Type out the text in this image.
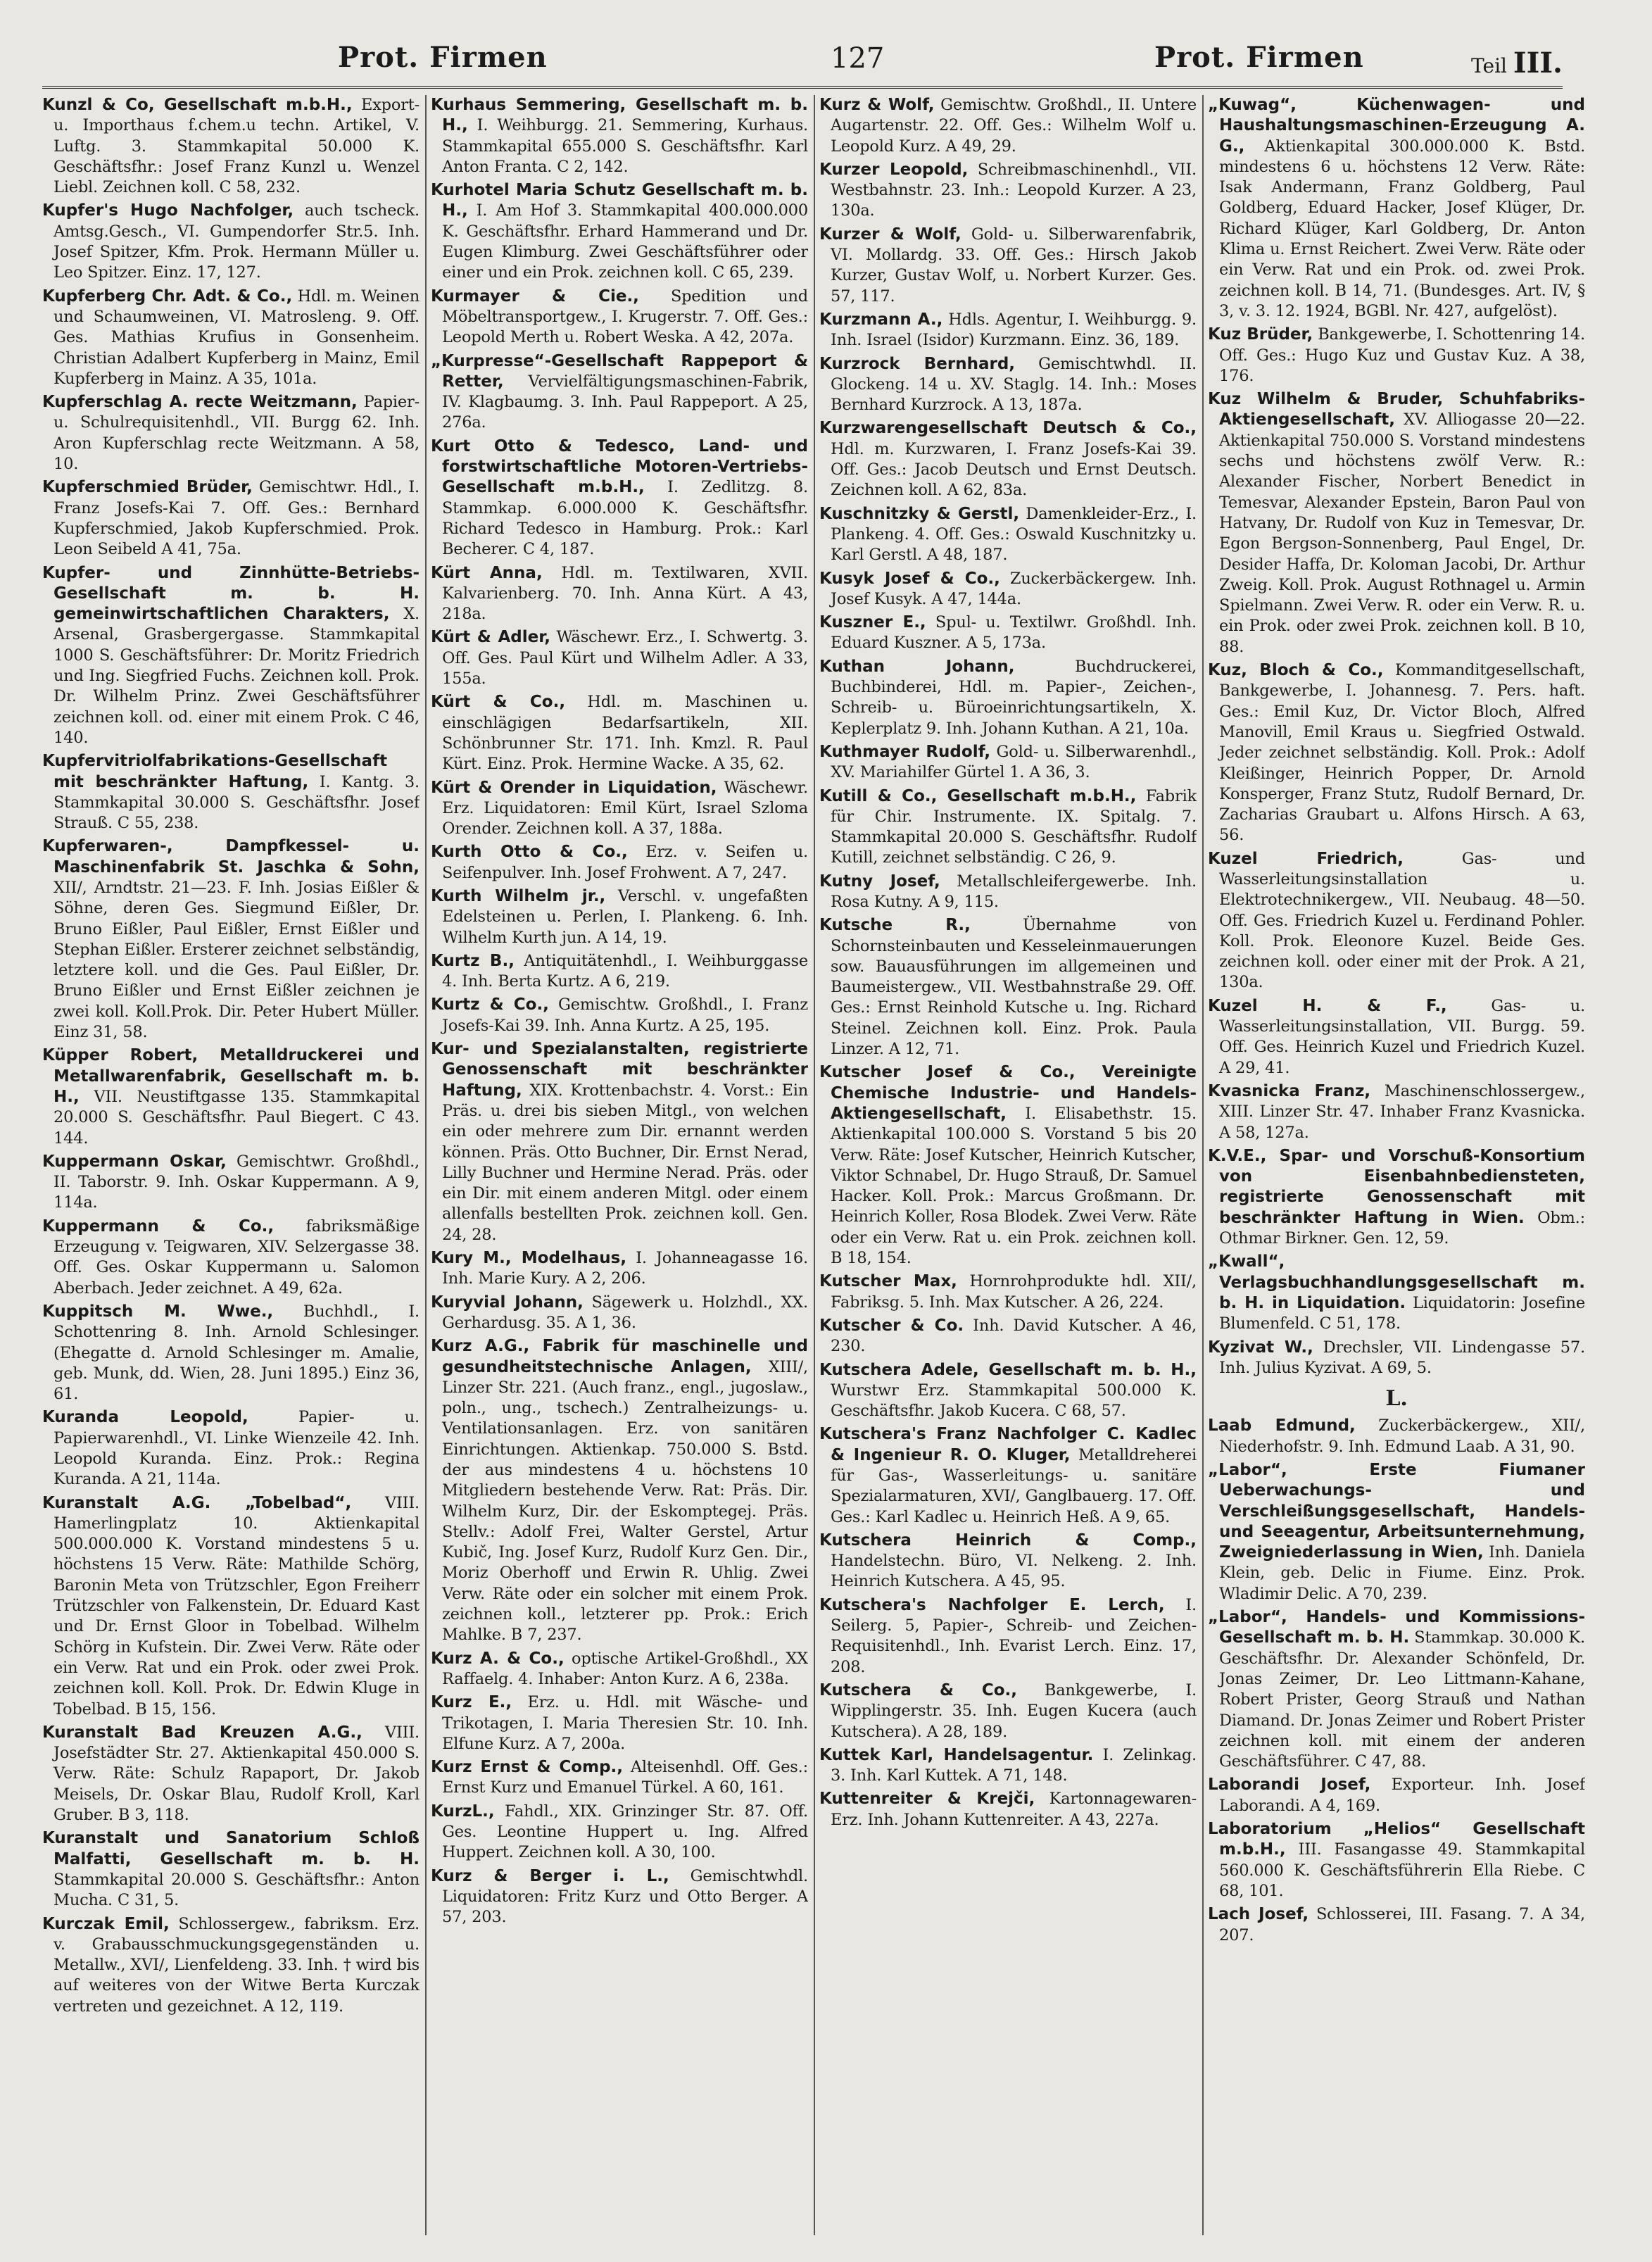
Prot. Firmen	127	Prot. Firmen	Teil III.

Kunzl & Co, Gesellschaft m.b.H., Export- u. Importhaus f.chem.u techn. Artikel, V. Luftg. 3. Stammkapital 50.000 K. Geschäftsfhr.: Josef Franz Kunzl u. Wenzel Liebl. Zeichnen koll. C 58, 232.

Kupfer's Hugo Nachfolger, auch tscheck. Amtsg.Gesch., VI. Gumpendorfer Str.5. Inh. Josef Spitzer, Kfm. Prok. Hermann Müller u. Leo Spitzer. Einz. 17, 127.

Kupferberg Chr. Adt. & Co., Hdl. m. Weinen und Schaumweinen, VI. Matrosleng. 9. Off. Ges. Mathias Krufius in Gonsenheim. Christian Adalbert Kupferberg in Mainz, Emil Kupferberg in Mainz. A 35, 101a.

Kupferschlag A. recte Weitzmann, Papier- u. Schulrequisitenhdl., VII. Burgg 62. Inh. Aron Kupferschlag recte Weitzmann. A 58, 10.

Kupferschmied Brüder, Gemischtwr. Hdl., I. Franz Josefs-Kai 7. Off. Ges.: Bernhard Kupferschmied, Jakob Kupferschmied. Prok. Leon Seibeld A 41, 75a.

Kupfer- und Zinnhütte-Betriebs-Gesellschaft m. b. H. gemeinwirtschaftlichen Charakters, X. Arsenal, Grasbergergasse. Stammkapital 1000 S. Geschäftsführer: Dr. Moritz Friedrich und Ing. Siegfried Fuchs. Zeichnen koll. Prok. Dr. Wilhelm Prinz. Zwei Geschäftsführer zeichnen koll. od. einer mit einem Prok. C 46, 140.

Kupfervitriolfabrikations-Gesellschaft mit beschränkter Haftung, I. Kantg. 3. Stammkapital 30.000 S. Geschäftsfhr. Josef Strauß. C 55, 238.

Kupferwaren-, Dampfkessel- u. Maschinenfabrik St. Jaschka & Sohn, XII/, Arndtstr. 21—23. F. Inh. Josias Eißler & Söhne, deren Ges. Siegmund Eißler, Dr. Bruno Eißler, Paul Eißler, Ernst Eißler und Stephan Eißler. Ersterer zeichnet selbständig, letztere koll. und die Ges. Paul Eißler, Dr. Bruno Eißler und Ernst Eißler zeichnen je zwei koll. Koll.Prok. Dir. Peter Hubert Müller. Einz 31, 58.

Küpper Robert, Metalldruckerei und Metallwarenfabrik, Gesellschaft m. b. H., VII. Neustiftgasse 135. Stammkapital 20.000 S. Geschäftsfhr. Paul Biegert. C 43. 144.

Kuppermann Oskar, Gemischtwr. Großhdl., II. Taborstr. 9. Inh. Oskar Kuppermann. A 9, 114a.

Kuppermann & Co., fabriksmäßige Erzeugung v. Teigwaren, XIV. Selzergasse 38. Off. Ges. Oskar Kuppermann u. Salomon Aberbach. Jeder zeichnet. A 49, 62a.

Kuppitsch M. Wwe., Buchhdl., I. Schottenring 8. Inh. Arnold Schlesinger. (Ehegatte d. Arnold Schlesinger m. Amalie, geb. Munk, dd. Wien, 28. Juni 1895.) Einz 36, 61.

Kuranda Leopold, Papier- u. Papierwarenhdl., VI. Linke Wienzeile 42. Inh. Leopold Kuranda. Einz. Prok.: Regina Kuranda. A 21, 114a.

Kuranstalt A.G. „Tobelbad“, VIII. Hamerlingplatz 10. Aktienkapital 500.000.000 K. Vorstand mindestens 5 u. höchstens 15 Verw. Räte: Mathilde Schörg, Baronin Meta von Trützschler, Egon Freiherr Trützschler von Falkenstein, Dr. Eduard Kast und Dr. Ernst Gloor in Tobelbad. Wilhelm Schörg in Kufstein. Dir. Zwei Verw. Räte oder ein Verw. Rat und ein Prok. oder zwei Prok. zeichnen koll. Koll. Prok. Dr. Edwin Kluge in Tobelbad. B 15, 156.

Kuranstalt Bad Kreuzen A.G., VIII. Josefstädter Str. 27. Aktienkapital 450.000 S. Verw. Räte: Schulz Rapaport, Dr. Jakob Meisels, Dr. Oskar Blau, Rudolf Kroll, Karl Gruber. B 3, 118.

Kuranstalt und Sanatorium Schloß Malfatti, Gesellschaft m. b. H. Stammkapital 20.000 S. Geschäftsfhr.: Anton Mucha. C 31, 5.

Kurczak Emil, Schlossergew., fabriksm. Erz. v. Grabausschmuckungsgegenständen u. Metallw., XVI/, Lienfeldeng. 33. Inh. † wird bis auf weiteres von der Witwe Berta Kurczak vertreten und gezeichnet. A 12, 119.

Kurhaus Semmering, Gesellschaft m. b. H., I. Weihburgg. 21. Semmering, Kurhaus. Stammkapital 655.000 S. Geschäftsfhr. Karl Anton Franta. C 2, 142.

Kurhotel Maria Schutz Gesellschaft m. b. H., I. Am Hof 3. Stammkapital 400.000.000 K. Geschäftsfhr. Erhard Hammerand und Dr. Eugen Klimburg. Zwei Geschäftsführer oder einer und ein Prok. zeichnen koll. C 65, 239.

Kurmayer & Cie., Spedition und Möbeltransportgew., I. Krugerstr. 7. Off. Ges.: Leopold Merth u. Robert Weska. A 42, 207a.

„Kurpresse“-Gesellschaft Rappeport & Retter, Vervielfältigungsmaschinen-Fabrik, IV. Klagbaumg. 3. Inh. Paul Rappeport. A 25, 276a.

Kurt Otto & Tedesco, Land- und forstwirtschaftliche Motoren-Vertriebs-Gesellschaft m.b.H., I. Zedlitzg. 8. Stammkap. 6.000.000 K. Geschäftsfhr. Richard Tedesco in Hamburg. Prok.: Karl Becherer. C 4, 187.

Kürt Anna, Hdl. m. Textilwaren, XVII. Kalvarienberg. 70. Inh. Anna Kürt. A 43, 218a.

Kürt & Adler, Wäschewr. Erz., I. Schwertg. 3. Off. Ges. Paul Kürt und Wilhelm Adler. A 33, 155a.

Kürt & Co., Hdl. m. Maschinen u. einschlägigen Bedarfsartikeln, XII. Schönbrunner Str. 171. Inh. Kmzl. R. Paul Kürt. Einz. Prok. Hermine Wacke. A 35, 62.

Kürt & Orender in Liquidation, Wäschewr. Erz. Liquidatoren: Emil Kürt, Israel Szloma Orender. Zeichnen koll. A 37, 188a.

Kurth Otto & Co., Erz. v. Seifen u. Seifenpulver. Inh. Josef Frohwent. A 7, 247.

Kurth Wilhelm jr., Verschl. v. ungefaßten Edelsteinen u. Perlen, I. Plankeng. 6. Inh. Wilhelm Kurth jun. A 14, 19.

Kurtz B., Antiquitätenhdl., I. Weihburggasse 4. Inh. Berta Kurtz. A 6, 219.

Kurtz & Co., Gemischtw. Großhdl., I. Franz Josefs-Kai 39. Inh. Anna Kurtz. A 25, 195.

Kur- und Spezialanstalten, registrierte Genossenschaft mit beschränkter Haftung, XIX. Krottenbachstr. 4. Vorst.: Ein Präs. u. drei bis sieben Mitgl., von welchen ein oder mehrere zum Dir. ernannt werden können. Präs. Otto Buchner, Dir. Ernst Nerad, Lilly Buchner und Hermine Nerad. Präs. oder ein Dir. mit einem anderen Mitgl. oder einem allenfalls bestellten Prok. zeichnen koll. Gen. 24, 28.

Kury M., Modelhaus, I. Johanneagasse 16. Inh. Marie Kury. A 2, 206.

Kuryvial Johann, Sägewerk u. Holzhdl., XX. Gerhardusg. 35. A 1, 36.

Kurz A.G., Fabrik für maschinelle und gesundheitstechnische Anlagen, XIII/, Linzer Str. 221. (Auch franz., engl., jugoslaw., poln., ung., tschech.) Zentralheizungs- u. Ventilationsanlagen. Erz. von sanitären Einrichtungen. Aktienkap. 750.000 S. Bstd. der aus mindestens 4 u. höchstens 10 Mitgliedern bestehende Verw. Rat: Präs. Dir. Wilhelm Kurz, Dir. der Eskomptegej. Präs. Stellv.: Adolf Frei, Walter Gerstel, Artur Kubič, Ing. Josef Kurz, Rudolf Kurz Gen. Dir., Moriz Oberhoff und Erwin R. Uhlig. Zwei Verw. Räte oder ein solcher mit einem Prok. zeichnen koll., letzterer pp. Prok.: Erich Mahlke. B 7, 237.

Kurz A. & Co., optische Artikel-Großhdl., XX Raffaelg. 4. Inhaber: Anton Kurz. A 6, 238a.

Kurz E., Erz. u. Hdl. mit Wäsche- und Trikotagen, I. Maria Theresien Str. 10. Inh. Elfune Kurz. A 7, 200a.

Kurz Ernst & Comp., Alteisenhdl. Off. Ges.: Ernst Kurz und Emanuel Türkel. A 60, 161.

KurzL., Fahdl., XIX. Grinzinger Str. 87. Off. Ges. Leontine Huppert u. Ing. Alfred Huppert. Zeichnen koll. A 30, 100.

Kurz & Berger i. L., Gemischtwhdl. Liquidatoren: Fritz Kurz und Otto Berger. A 57, 203.

Kurz & Wolf, Gemischtw. Großhdl., II. Untere Augartenstr. 22. Off. Ges.: Wilhelm Wolf u. Leopold Kurz. A 49, 29.

Kurzer Leopold, Schreibmaschinenhdl., VII. Westbahnstr. 23. Inh.: Leopold Kurzer. A 23, 130a.

Kurzer & Wolf, Gold- u. Silberwarenfabrik, VI. Mollardg. 33. Off. Ges.: Hirsch Jakob Kurzer, Gustav Wolf, u. Norbert Kurzer. Ges. 57, 117.

Kurzmann A., Hdls. Agentur, I. Weihburgg. 9. Inh. Israel (Isidor) Kurzmann. Einz. 36, 189.

Kurzrock Bernhard, Gemischtwhdl. II. Glockeng. 14 u. XV. Staglg. 14. Inh.: Moses Bernhard Kurzrock. A 13, 187a.

Kurzwarengesellschaft Deutsch & Co., Hdl. m. Kurzwaren, I. Franz Josefs-Kai 39. Off. Ges.: Jacob Deutsch und Ernst Deutsch. Zeichnen koll. A 62, 83a.

Kuschnitzky & Gerstl, Damenkleider-Erz., I. Plankeng. 4. Off. Ges.: Oswald Kuschnitzky u. Karl Gerstl. A 48, 187.

Kusyk Josef & Co., Zuckerbäckergew. Inh. Josef Kusyk. A 47, 144a.

Kuszner E., Spul- u. Textilwr. Großhdl. Inh. Eduard Kuszner. A 5, 173a.

Kuthan Johann, Buchdruckerei, Buchbinderei, Hdl. m. Papier-, Zeichen-, Schreib- u. Büroeinrichtungsartikeln, X. Keplerplatz 9. Inh. Johann Kuthan. A 21, 10a.

Kuthmayer Rudolf, Gold- u. Silberwarenhdl., XV. Mariahilfer Gürtel 1. A 36, 3.

Kutill & Co., Gesellschaft m.b.H., Fabrik für Chir. Instrumente. IX. Spitalg. 7. Stammkapital 20.000 S. Geschäftsfhr. Rudolf Kutill, zeichnet selbständig. C 26, 9.

Kutny Josef, Metallschleifergewerbe. Inh. Rosa Kutny. A 9, 115.

Kutsche R., Übernahme von Schornsteinbauten und Kesseleinmauerungen sow. Bauausführungen im allgemeinen und Baumeistergew., VII. Westbahnstraße 29. Off. Ges.: Ernst Reinhold Kutsche u. Ing. Richard Steinel. Zeichnen koll. Einz. Prok. Paula Linzer. A 12, 71.

Kutscher Josef & Co., Vereinigte Chemische Industrie- und Handels-Aktiengesellschaft, I. Elisabethstr. 15. Aktienkapital 100.000 S. Vorstand 5 bis 20 Verw. Räte: Josef Kutscher, Heinrich Kutscher, Viktor Schnabel, Dr. Hugo Strauß, Dr. Samuel Hacker. Koll. Prok.: Marcus Großmann. Dr. Heinrich Koller, Rosa Blodek. Zwei Verw. Räte oder ein Verw. Rat u. ein Prok. zeichnen koll. B 18, 154.

Kutscher Max, Hornrohprodukte hdl. XII/, Fabriksg. 5. Inh. Max Kutscher. A 26, 224.

Kutscher & Co. Inh. David Kutscher. A 46, 230.

Kutschera Adele, Gesellschaft m. b. H., Wurstwr Erz. Stammkapital 500.000 K. Geschäftsfhr. Jakob Kucera. C 68, 57.

Kutschera's Franz Nachfolger C. Kadlec & Ingenieur R. O. Kluger, Metalldreherei für Gas-, Wasserleitungs- u. sanitäre Spezialarmaturen, XVI/, Ganglbauerg. 17. Off. Ges.: Karl Kadlec u. Heinrich Heß. A 9, 65.

Kutschera Heinrich & Comp., Handelstechn. Büro, VI. Nelkeng. 2. Inh. Heinrich Kutschera. A 45, 95.

Kutschera's Nachfolger E. Lerch, I. Seilerg. 5, Papier-, Schreib- und Zeichen-Requisitenhdl., Inh. Evarist Lerch. Einz. 17, 208.

Kutschera & Co., Bankgewerbe, I. Wipplingerstr. 35. Inh. Eugen Kucera (auch Kutschera). A 28, 189.

Kuttek Karl, Handelsagentur. I. Zelinkag. 3. Inh. Karl Kuttek. A 71, 148.

Kuttenreiter & Krejči, Kartonnagewaren-Erz. Inh. Johann Kuttenreiter. A 43, 227a.

„Kuwag“, Küchenwagen- und Haushaltungsmaschinen-Erzeugung A. G., Aktienkapital 300.000.000 K. Bstd. mindestens 6 u. höchstens 12 Verw. Räte: Isak Andermann, Franz Goldberg, Paul Goldberg, Eduard Hacker, Josef Klüger, Dr. Richard Klüger, Karl Goldberg, Dr. Anton Klima u. Ernst Reichert. Zwei Verw. Räte oder ein Verw. Rat und ein Prok. od. zwei Prok. zeichnen koll. B 14, 71. (Bundesges. Art. IV, § 3, v. 3. 12. 1924, BGBl. Nr. 427, aufgelöst).

Kuz Brüder, Bankgewerbe, I. Schottenring 14. Off. Ges.: Hugo Kuz und Gustav Kuz. A 38, 176.

Kuz Wilhelm & Bruder, Schuhfabriks-Aktiengesellschaft, XV. Alliogasse 20—22. Aktienkapital 750.000 S. Vorstand mindestens sechs und höchstens zwölf Verw. R.: Alexander Fischer, Norbert Benedict in Temesvar, Alexander Epstein, Baron Paul von Hatvany, Dr. Rudolf von Kuz in Temesvar, Dr. Egon Bergson-Sonnenberg, Paul Engel, Dr. Desider Haffa, Dr. Koloman Jacobi, Dr. Arthur Zweig. Koll. Prok. August Rothnagel u. Armin Spielmann. Zwei Verw. R. oder ein Verw. R. u. ein Prok. oder zwei Prok. zeichnen koll. B 10, 88.

Kuz, Bloch & Co., Kommanditgesellschaft, Bankgewerbe, I. Johannesg. 7. Pers. haft. Ges.: Emil Kuz, Dr. Victor Bloch, Alfred Manovill, Emil Kraus u. Siegfried Ostwald. Jeder zeichnet selbständig. Koll. Prok.: Adolf Kleißinger, Heinrich Popper, Dr. Arnold Konsperger, Franz Stutz, Rudolf Bernard, Dr. Zacharias Graubart u. Alfons Hirsch. A 63, 56.

Kuzel Friedrich, Gas- und Wasserleitungsinstallation u. Elektrotechnikergew., VII. Neubaug. 48—50. Off. Ges. Friedrich Kuzel u. Ferdinand Pohler. Koll. Prok. Eleonore Kuzel. Beide Ges. zeichnen koll. oder einer mit der Prok. A 21, 130a.

Kuzel H. & F., Gas- u. Wasserleitungsinstallation, VII. Burgg. 59. Off. Ges. Heinrich Kuzel und Friedrich Kuzel. A 29, 41.

Kvasnicka Franz, Maschinenschlossergew., XIII. Linzer Str. 47. Inhaber Franz Kvasnicka. A 58, 127a.

K.V.E., Spar- und Vorschuß-Konsortium von Eisenbahnbediensteten, registrierte Genossenschaft mit beschränkter Haftung in Wien. Obm.: Othmar Birkner. Gen. 12, 59.

„Kwall“, Verlagsbuchhandlungsgesellschaft m. b. H. in Liquidation. Liquidatorin: Josefine Blumenfeld. C 51, 178.

Kyzivat W., Drechsler, VII. Lindengasse 57. Inh. Julius Kyzivat. A 69, 5.

L.

Laab Edmund, Zuckerbäckergew., XII/, Niederhofstr. 9. Inh. Edmund Laab. A 31, 90.

„Labor“, Erste Fiumaner Ueberwachungs- und Verschleißungsgesellschaft, Handels- und Seeagentur, Arbeitsunternehmung, Zweigniederlassung in Wien, Inh. Daniela Klein, geb. Delic in Fiume. Einz. Prok. Wladimir Delic. A 70, 239.

„Labor“, Handels- und Kommissions-Gesellschaft m. b. H. Stammkap. 30.000 K. Geschäftsfhr. Dr. Alexander Schönfeld, Dr. Jonas Zeimer, Dr. Leo Littmann-Kahane, Robert Prister, Georg Strauß und Nathan Diamand. Dr. Jonas Zeimer und Robert Prister zeichnen koll. mit einem der anderen Geschäftsführer. C 47, 88.

Laborandi Josef, Exporteur. Inh. Josef Laborandi. A 4, 169.

Laboratorium „Helios“ Gesellschaft m.b.H., III. Fasangasse 49. Stammkapital 560.000 K. Geschäftsführerin Ella Riebe. C 68, 101.

Lach Josef, Schlosserei, III. Fasang. 7. A 34, 207.
